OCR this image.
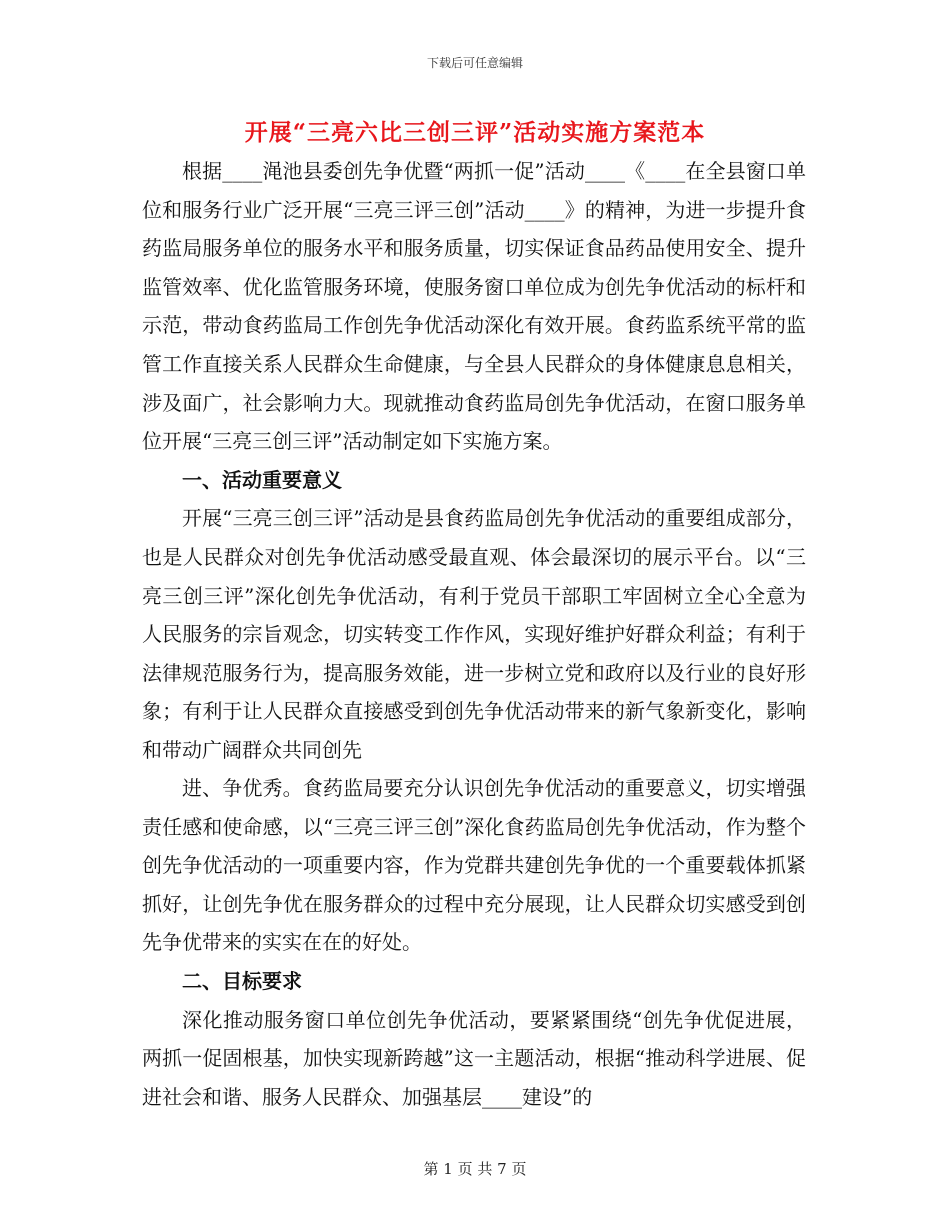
下载后可任意编辑
开展“三亮六比三创三评”活动实施方案范本

根据____渑池县委创先争优暨“两抓一促”活动____《____在全县窗口单位和服务行业广泛开展“三亮三评三创”活动____》的精神，为进一步提升食药监局服务单位的服务水平和服务质量，切实保证食品药品使用安全、提升监管效率、优化监管服务环境，使服务窗口单位成为创先争优活动的标杆和示范，带动食药监局工作创先争优活动深化有效开展。食药监系统平常的监管工作直接关系人民群众生命健康，与全县人民群众的身体健康息息相关，涉及面广，社会影响力大。现就推动食药监局创先争优活动，在窗口服务单位开展“三亮三创三评”活动制定如下实施方案。

一、活动重要意义

开展“三亮三创三评”活动是县食药监局创先争优活动的重要组成部分，也是人民群众对创先争优活动感受最直观、体会最深切的展示平台。以“三亮三创三评”深化创先争优活动，有利于党员干部职工牢固树立全心全意为人民服务的宗旨观念，切实转变工作作风，实现好维护好群众利益；有利于法律规范服务行为，提高服务效能，进一步树立党和政府以及行业的良好形象；有利于让人民群众直接感受到创先争优活动带来的新气象新变化，影响和带动广阔群众共同创先

进、争优秀。食药监局要充分认识创先争优活动的重要意义，切实增强责任感和使命感，以“三亮三评三创”深化食药监局创先争优活动，作为整个创先争优活动的一项重要内容，作为党群共建创先争优的一个重要载体抓紧抓好，让创先争优在服务群众的过程中充分展现，让人民群众切实感受到创先争优带来的实实在在的好处。

二、目标要求

深化推动服务窗口单位创先争优活动，要紧紧围绕“创先争优促进展，两抓一促固根基，加快实现新跨越”这一主题活动，根据“推动科学进展、促进社会和谐、服务人民群众、加强基层____建设”的

第 1 页 共 7 页
